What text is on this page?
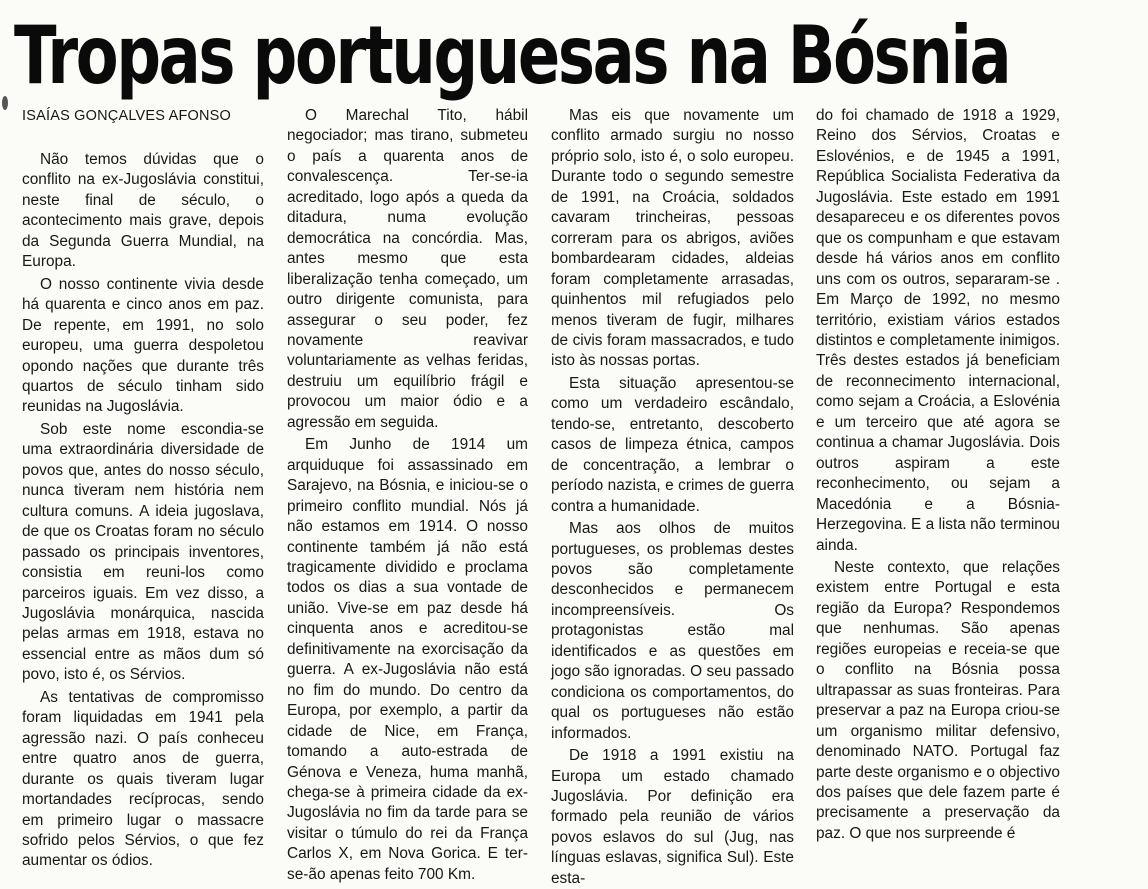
Tropas portuguesas na Bósnia
ISAÍAS GONÇALVES AFONSO

Não temos dúvidas que o conflito na ex-Jugoslávia constitui, neste final de século, o acontecimento mais grave, depois da Segunda Guerra Mundial, na Europa.

O nosso continente vivia desde há quarenta e cinco anos em paz. De repente, em 1991, no solo europeu, uma guerra despoletou opondo nações que durante três quartos de século tinham sido reunidas na Jugoslávia.

Sob este nome escondia-se uma extraordinária diversidade de povos que, antes do nosso século, nunca tiveram nem história nem cultura comuns. A ideia jugoslava, de que os Croatas foram no século passado os principais inventores, consistia em reuni-los como parceiros iguais. Em vez disso, a Jugoslávia monárquica, nascida pelas armas em 1918, estava no essencial entre as mãos dum só povo, isto é, os Sérvios.

As tentativas de compromisso foram liquidadas em 1941 pela agressão nazi. O país conheceu entre quatro anos de guerra, durante os quais tiveram lugar mortandades recíprocas, sendo em primeiro lugar o massacre sofrido pelos Sérvios, o que fez aumentar os ódios.

O Marechal Tito, hábil negociador; mas tirano, submeteu o país a quarenta anos de convalescença. Ter-se-ia acreditado, logo após a queda da ditadura, numa evolução democrática na concórdia. Mas, antes mesmo que esta liberalização tenha começado, um outro dirigente comunista, para assegurar o seu poder, fez novamente reavivar voluntariamente as velhas feridas, destruiu um equilíbrio frágil e provocou um maior ódio e a agressão em seguida.

Em Junho de 1914 um arquiduque foi assassinado em Sarajevo, na Bósnia, e iniciou-se o primeiro conflito mundial. Nós já não estamos em 1914. O nosso continente também já não está tragicamente dividido e proclama todos os dias a sua vontade de união. Vive-se em paz desde há cinquenta anos e acreditou-se definitivamente na exorcisação da guerra. A ex-Jugoslávia não está no fim do mundo. Do centro da Europa, por exemplo, a partir da cidade de Nice, em França, tomando a auto-estrada de Génova e Veneza, huma manhã, chega-se à primeira cidade da ex-Jugoslávia no fim da tarde para se visitar o túmulo do rei da França Carlos X, em Nova Gorica. E ter-se-ão apenas feito 700 Km.

Mas eis que novamente um conflito armado surgiu no nosso próprio solo, isto é, o solo europeu. Durante todo o segundo semestre de 1991, na Croácia, soldados cavaram trincheiras, pessoas correram para os abrigos, aviões bombardearam cidades, aldeias foram completamente arrasadas, quinhentos mil refugiados pelo menos tiveram de fugir, milhares de civis foram massacrados, e tudo isto às nossas portas.

Esta situação apresentou-se como um verdadeiro escândalo, tendo-se, entretanto, descoberto casos de limpeza étnica, campos de concentração, a lembrar o período nazista, e crimes de guerra contra a humanidade.

Mas aos olhos de muitos portugueses, os problemas destes povos são completamente desconhecidos e permanecem incompreensíveis. Os protagonistas estão mal identificados e as questões em jogo são ignoradas. O seu passado condiciona os comportamentos, do qual os portugueses não estão informados.

De 1918 a 1991 existiu na Europa um estado chamado Jugoslávia. Por definição era formado pela reunião de vários povos eslavos do sul (Jug, nas línguas eslavas, significa Sul). Este esta-

do foi chamado de 1918 a 1929, Reino dos Sérvios, Croatas e Eslovénios, e de 1945 a 1991, República Socialista Federativa da Jugoslávia. Este estado em 1991 desapareceu e os diferentes povos que os compunham e que estavam desde há vários anos em conflito uns com os outros, separaram-se . Em Março de 1992, no mesmo território, existiam vários estados distintos e completamente inimigos. Três destes estados já beneficiam de reconnecimento internacional, como sejam a Croácia, a Eslovénia e um terceiro que até agora se continua a chamar Jugoslávia. Dois outros aspiram a este reconhecimento, ou sejam a Macedónia e a Bósnia-Herzegovina. E a lista não terminou ainda.

Neste contexto, que relações existem entre Portugal e esta região da Europa? Respondemos que nenhumas. São apenas regiões europeias e receia-se que o conflito na Bósnia possa ultrapassar as suas fronteiras. Para preservar a paz na Europa criou-se um organismo militar defensivo, denominado NATO. Portugal faz parte deste organismo e o objectivo dos países que dele fazem parte é precisamente a preservação da paz. O que nos surpreende é
